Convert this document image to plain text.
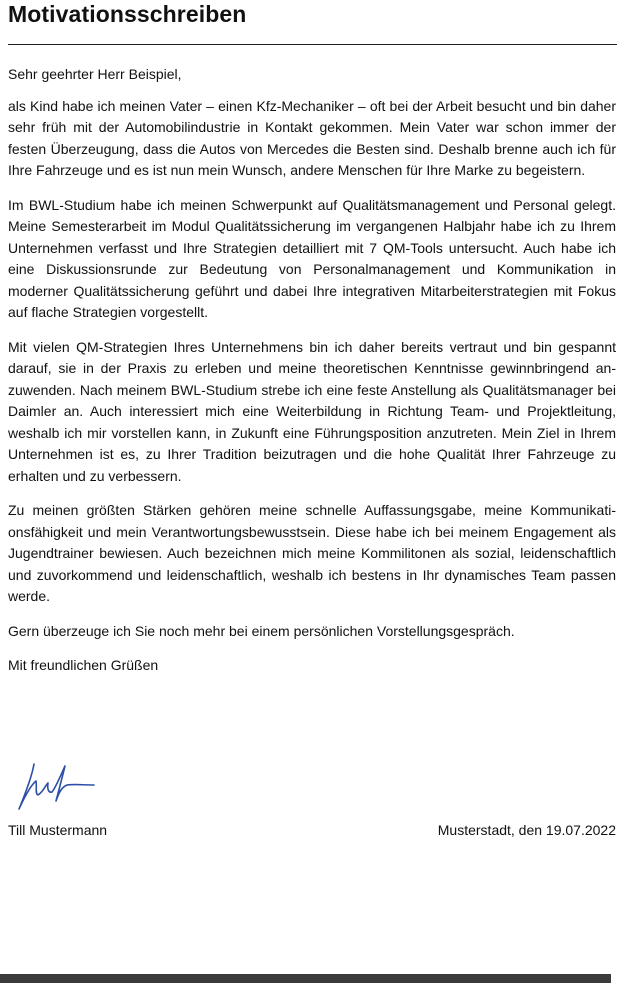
Motivationsschreiben

Sehr geehrter Herr Beispiel,

als Kind habe ich meinen Vater – einen Kfz-Mechaniker – oft bei der Arbeit besucht und bin daher sehr früh mit der Automobilindustrie in Kontakt gekommen. Mein Vater war schon immer der festen Überzeugung, dass die Autos von Mercedes die Besten sind. Deshalb brenne auch ich für Ihre Fahrzeuge und es ist nun mein Wunsch, andere Menschen für Ihre Marke zu begeistern.

Im BWL-Studium habe ich meinen Schwerpunkt auf Qualitätsmanagement und Personal gelegt. Meine Semesterarbeit im Modul Qualitätssicherung im vergangenen Halbjahr habe ich zu Ihrem Unternehmen verfasst und Ihre Strategien detailliert mit 7 QM-Tools untersucht. Auch habe ich eine Diskussionsrunde zur Bedeutung von Personalmanagement und Kommunikation in moderner Qualitätssicherung geführt und dabei Ihre integrativen Mitarbeiterstrategien mit Fokus auf flache Strategien vorgestellt.

Mit vielen QM-Strategien Ihres Unternehmens bin ich daher bereits vertraut und bin gespannt darauf, sie in der Praxis zu erleben und meine theoretischen Kenntnisse gewinnbringend anzuwenden. Nach meinem BWL-Studium strebe ich eine feste Anstellung als Qualitätsmanager bei Daimler an. Auch interessiert mich eine Weiterbildung in Richtung Team- und Projektleitung, weshalb ich mir vorstellen kann, in Zukunft eine Führungsposition anzutreten. Mein Ziel in Ihrem Unternehmen ist es, zu Ihrer Tradition beizutragen und die hohe Qualität Ihrer Fahrzeuge zu erhalten und zu verbessern.

Zu meinen größten Stärken gehören meine schnelle Auffassungsgabe, meine Kommunikationsfähigkeit und mein Verantwortungsbewusstsein. Diese habe ich bei meinem Engagement als Jugendtrainer bewiesen. Auch bezeichnen mich meine Kommilitonen als sozial, leidenschaftlich und zuvorkommend und leidenschaftlich, weshalb ich bestens in Ihr dynamisches Team passen werde.

Gern überzeuge ich Sie noch mehr bei einem persönlichen Vorstellungsgespräch.

Mit freundlichen Grüßen

Till Mustermann	Musterstadt, den 19.07.2022
